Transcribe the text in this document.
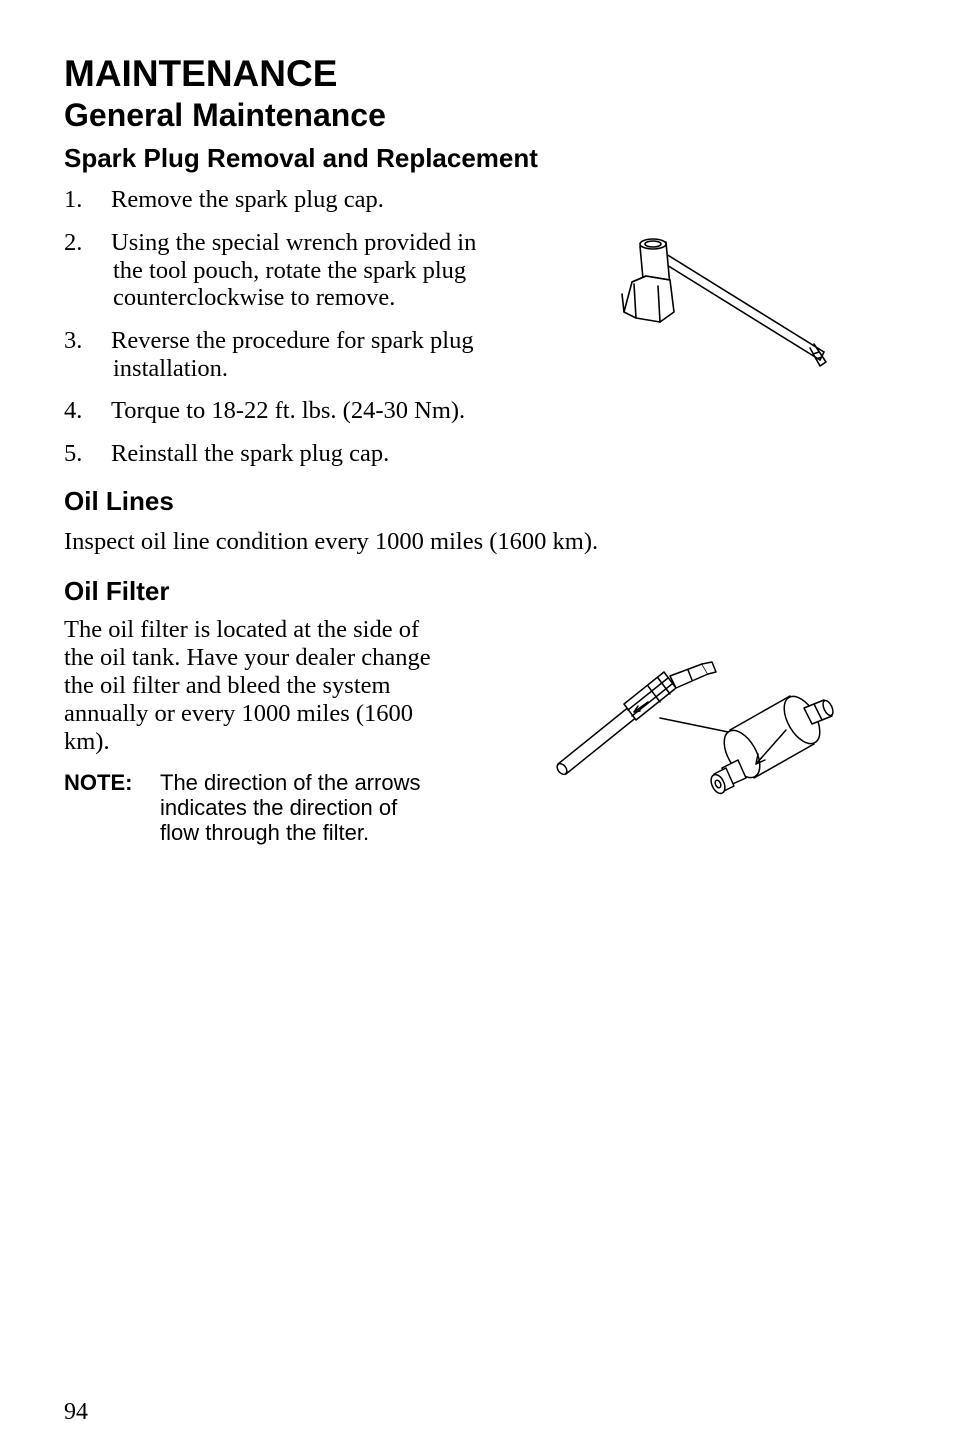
MAINTENANCE
General Maintenance
Spark Plug Removal and Replacement
1.	Remove the spark plug cap.
2.	Using the special wrench provided in
the tool pouch, rotate the spark plug
counterclockwise to remove.
3.	Reverse the procedure for spark plug
installation.
4.	Torque to 18-22 ft. lbs. (24-30 Nm).
5.	Reinstall the spark plug cap.
Oil Lines
Inspect oil line condition every 1000 miles (1600 km).
Oil Filter
The oil filter is located at the side of
the oil tank. Have your dealer change
the oil filter and bleed the system
annually or every 1000 miles (1600
km).
NOTE:	The direction of the arrows
indicates the direction of
flow through the filter.
94
